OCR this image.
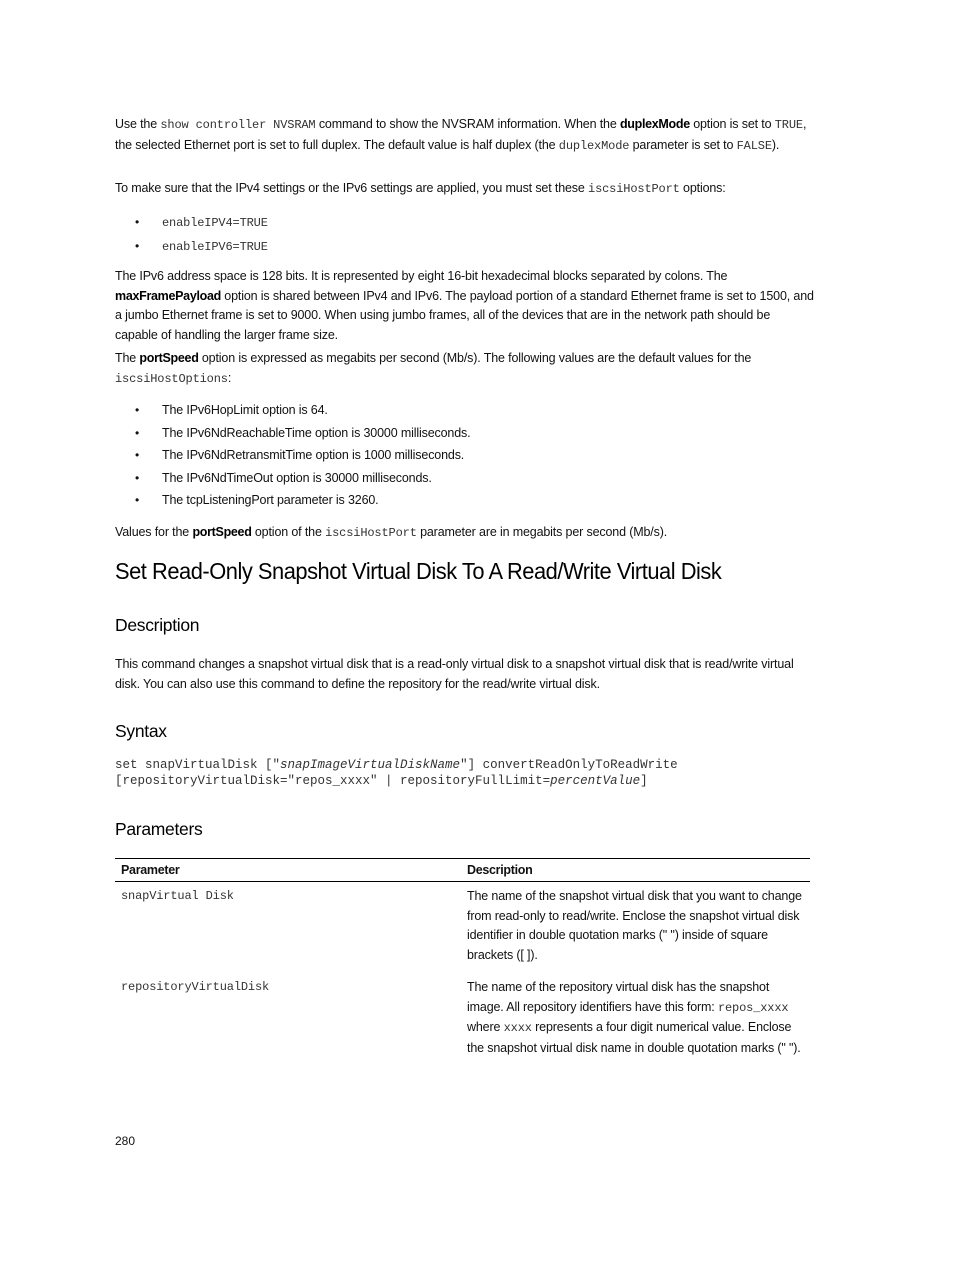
Use the show controller NVSRAM command to show the NVSRAM information. When the duplexMode option is set to TRUE, the selected Ethernet port is set to full duplex. The default value is half duplex (the duplexMode parameter is set to FALSE).

To make sure that the IPv4 settings or the IPv6 settings are applied, you must set these iscsiHostPort options:

• enableIPV4=TRUE
• enableIPV6=TRUE

The IPv6 address space is 128 bits. It is represented by eight 16-bit hexadecimal blocks separated by colons. The maxFramePayload option is shared between IPv4 and IPv6. The payload portion of a standard Ethernet frame is set to 1500, and a jumbo Ethernet frame is set to 9000. When using jumbo frames, all of the devices that are in the network path should be capable of handling the larger frame size.

The portSpeed option is expressed as megabits per second (Mb/s). The following values are the default values for the iscsiHostOptions:

• The IPv6HopLimit option is 64.
• The IPv6NdReachableTime option is 30000 milliseconds.
• The IPv6NdRetransmitTime option is 1000 milliseconds.
• The IPv6NdTimeOut option is 30000 milliseconds.
• The tcpListeningPort parameter is 3260.

Values for the portSpeed option of the iscsiHostPort parameter are in megabits per second (Mb/s).

Set Read-Only Snapshot Virtual Disk To A Read/Write Virtual Disk
Description

This command changes a snapshot virtual disk that is a read-only virtual disk to a snapshot virtual disk that is read/write virtual disk. You can also use this command to define the repository for the read/write virtual disk.

Syntax
set snapVirtualDisk ["snapImageVirtualDiskName"] convertReadOnlyToReadWrite
[repositoryVirtualDisk="repos_xxxx" | repositoryFullLimit=percentValue]
Parameters
Parameter	Description
snapVirtual Disk	The name of the snapshot virtual disk that you want to change from read-only to read/write. Enclose the snapshot virtual disk identifier in double quotation marks (" ") inside of square brackets ([ ]).
repositoryVirtualDisk	The name of the repository virtual disk has the snapshot image. All repository identifiers have this form: repos_xxxx where xxxx represents a four digit numerical value. Enclose the snapshot virtual disk name in double quotation marks (" ").
280
